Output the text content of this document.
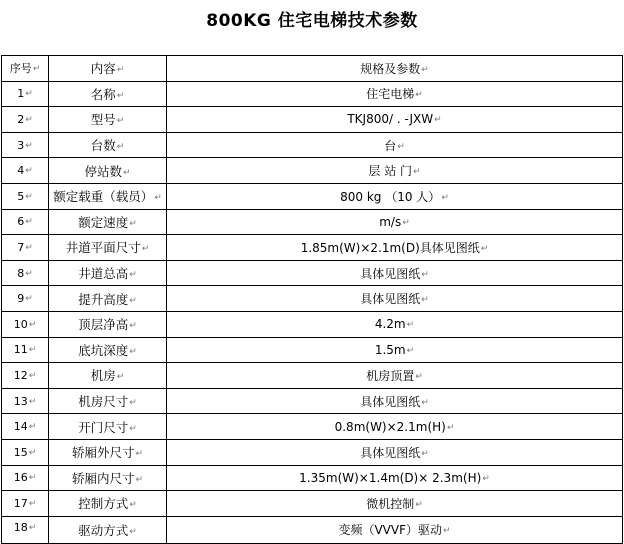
800KG 住宅电梯技术参数
序号↵	内容↵	规格及参数↵
1↵	名称↵	住宅电梯↵
2↵	型号↵	TKJ800/ . -JXW↵
3↵	台数↵	台↵
4↵	停站数↵	层 站 门↵
5↵	额定载重（载员）↵	800 kg （10 人）↵
6↵	额定速度↵	m/s↵
7↵	井道平面尺寸↵	1.85m(W)×2.1m(D)具体见图纸↵
8↵	井道总高↵	具体见图纸↵
9↵	提升高度↵	具体见图纸↵
10↵	顶层净高↵	4.2m↵
11↵	底坑深度↵	1.5m↵
12↵	机房↵	机房顶置↵
13↵	机房尺寸↵	具体见图纸↵
14↵	开门尺寸↵	0.8m(W)×2.1m(H)↵
15↵	轿厢外尺寸↵	具体见图纸↵
16↵	轿厢内尺寸↵	1.35m(W)×1.4m(D)× 2.3m(H)↵
17↵	控制方式↵	微机控制↵
18↵	驱动方式↵	变频（VVVF）驱动↵
